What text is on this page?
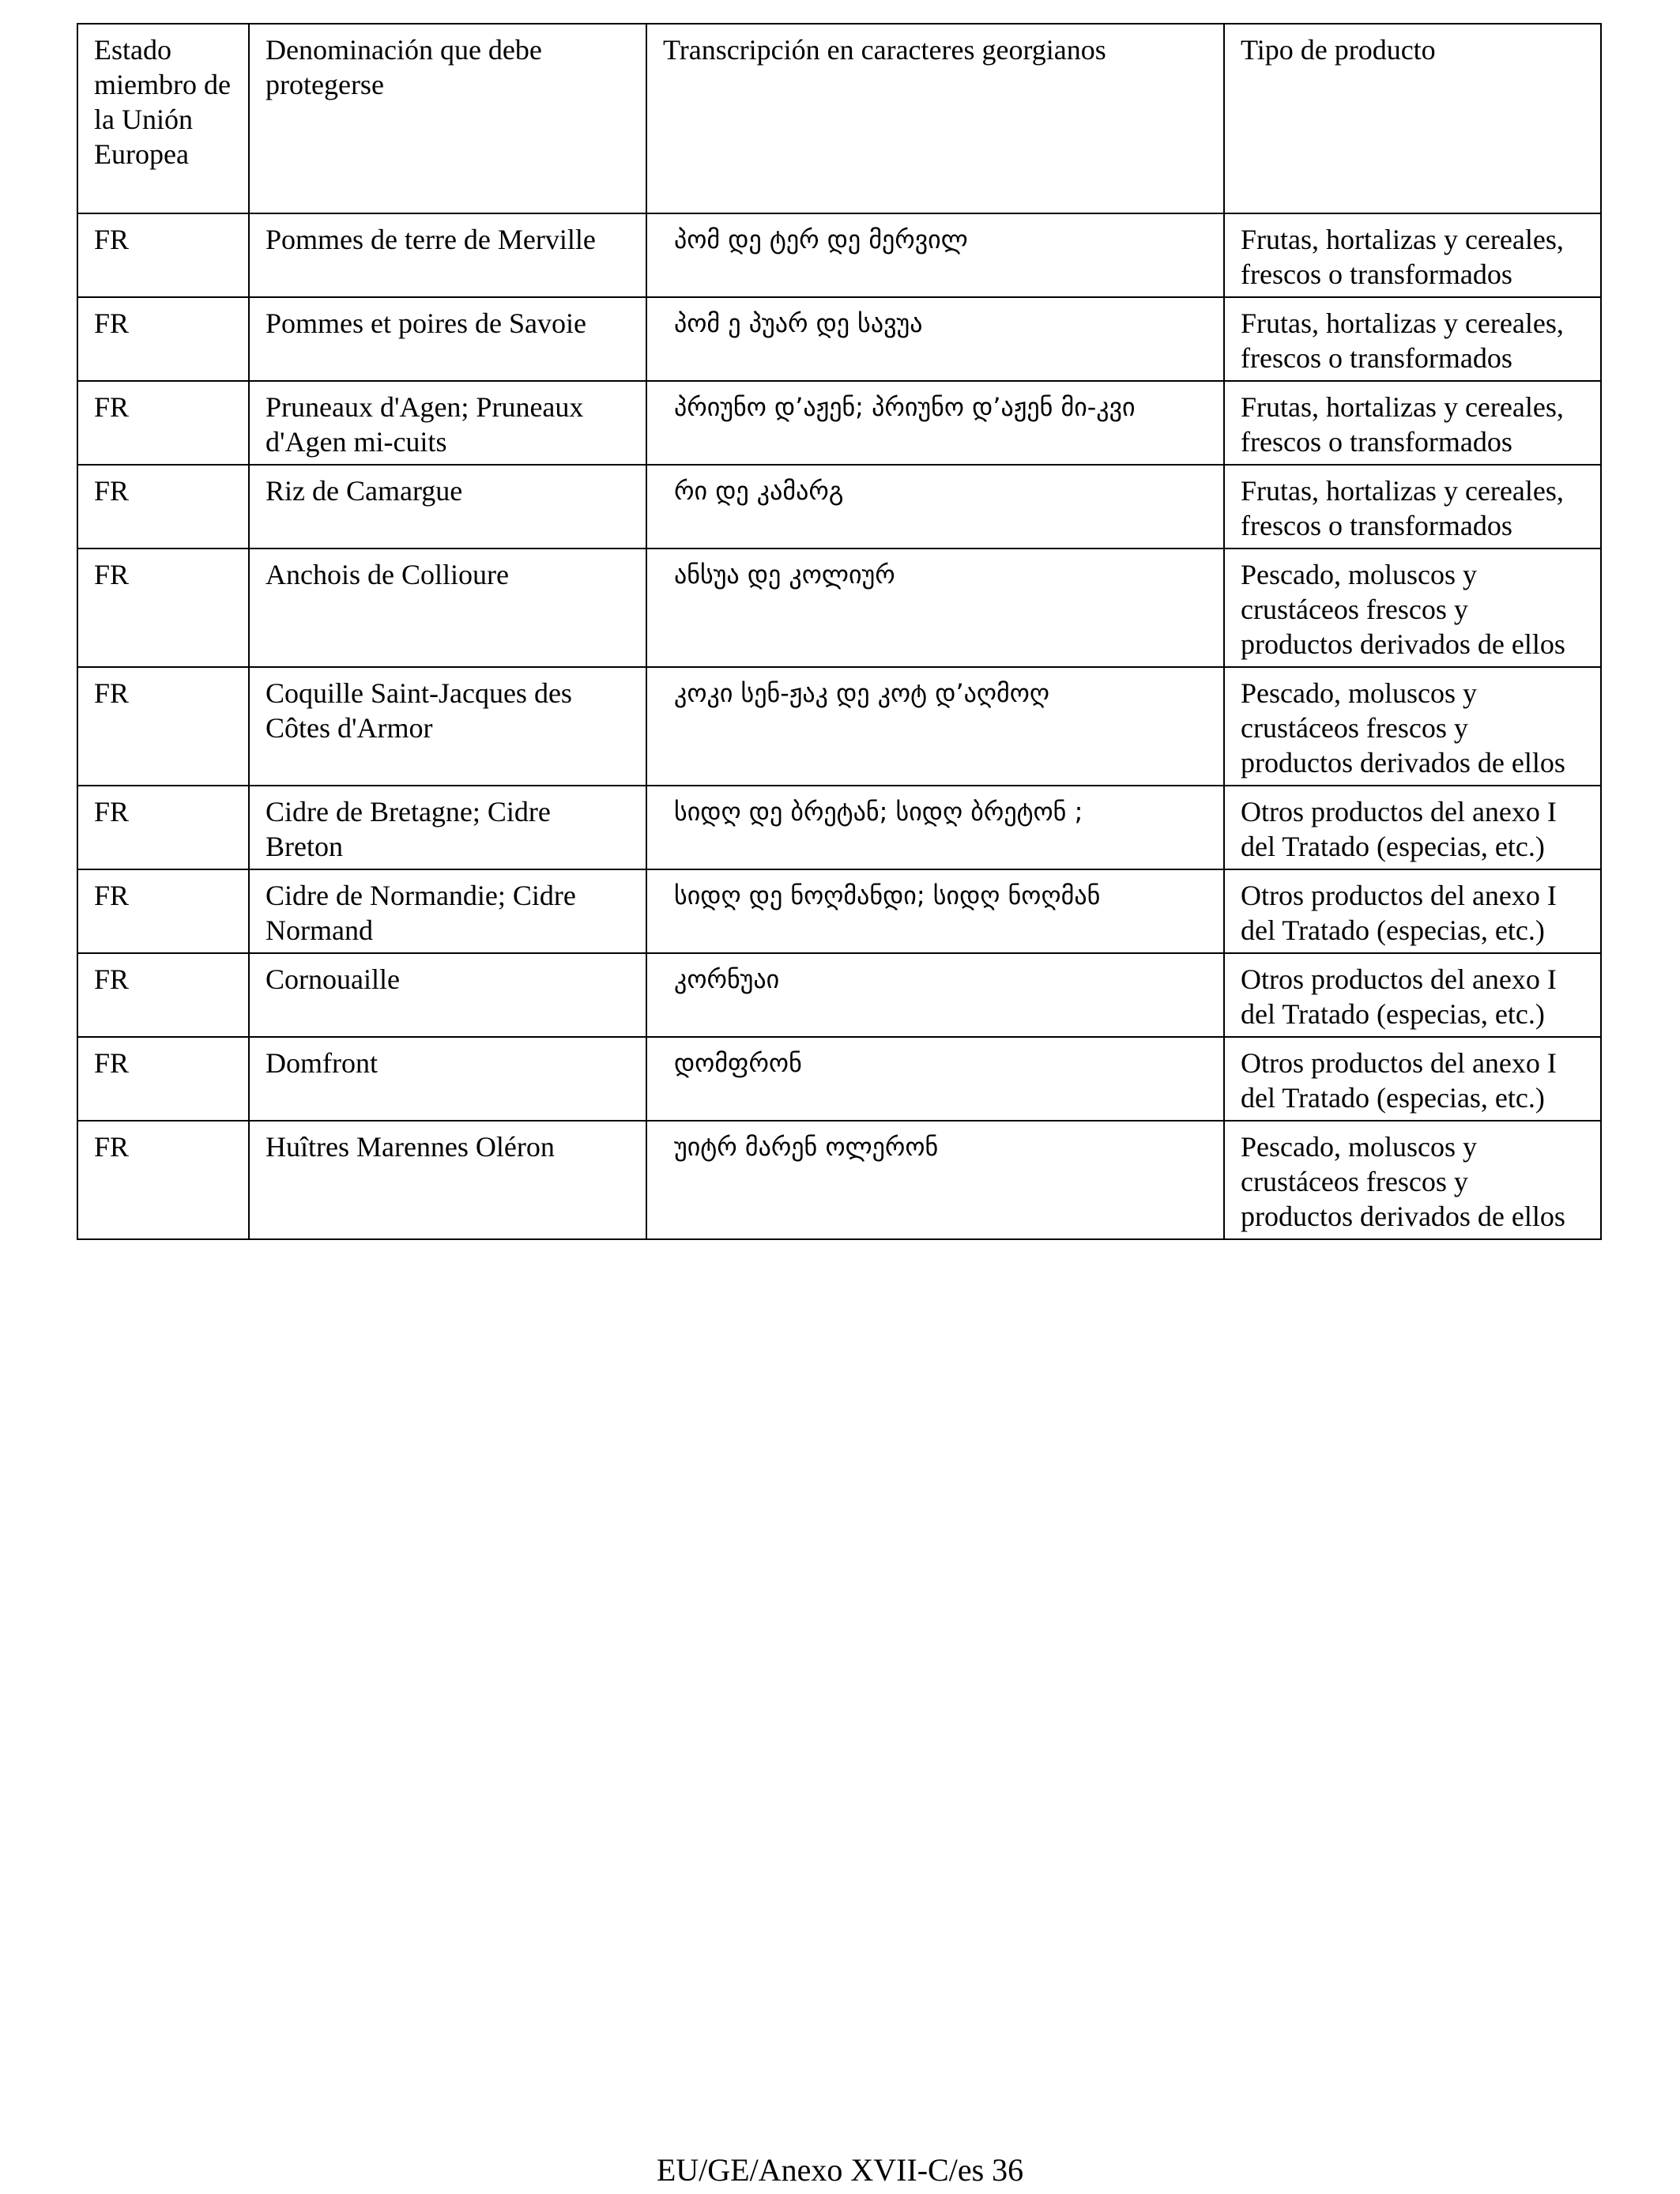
Estado miembro de la Unión Europea	Denominación que debe protegerse	Transcripción en caracteres georgianos	Tipo de producto
FR	Pommes de terre de Merville	პომ დე ტერ დე მერვილ	Frutas, hortalizas y cereales, frescos o transformados
FR	Pommes et poires de Savoie	პომ ე პუარ დე სავუა	Frutas, hortalizas y cereales, frescos o transformados
FR	Pruneaux d'Agen; Pruneaux d'Agen mi-cuits	პრიუნო დ’აჟენ; პრიუნო დ’აჟენ მი-კვი	Frutas, hortalizas y cereales, frescos o transformados
FR	Riz de Camargue	რი დე კამარგ	Frutas, hortalizas y cereales, frescos o transformados
FR	Anchois de Collioure	ანსუა დე კოლიურ	Pescado, moluscos y crustáceos frescos y productos derivados de ellos
FR	Coquille Saint-Jacques des Côtes d'Armor	კოკი სენ-ჟაკ დე კოტ დ’აღმოღ	Pescado, moluscos y crustáceos frescos y productos derivados de ellos
FR	Cidre de Bretagne; Cidre Breton	სიდღ დე ბრეტან; სიდღ ბრეტონ ;	Otros productos del anexo I del Tratado (especias, etc.)
FR	Cidre de Normandie; Cidre Normand	სიდღ დე ნოღმანდი; სიდღ ნოღმან	Otros productos del anexo I del Tratado (especias, etc.)
FR	Cornouaille	კორნუაი	Otros productos del anexo I del Tratado (especias, etc.)
FR	Domfront	დომფრონ	Otros productos del anexo I del Tratado (especias, etc.)
FR	Huîtres Marennes Oléron	უიტრ მარენ ოლერონ	Pescado, moluscos y crustáceos frescos y productos derivados de ellos
EU/GE/Anexo XVII-C/es 36
